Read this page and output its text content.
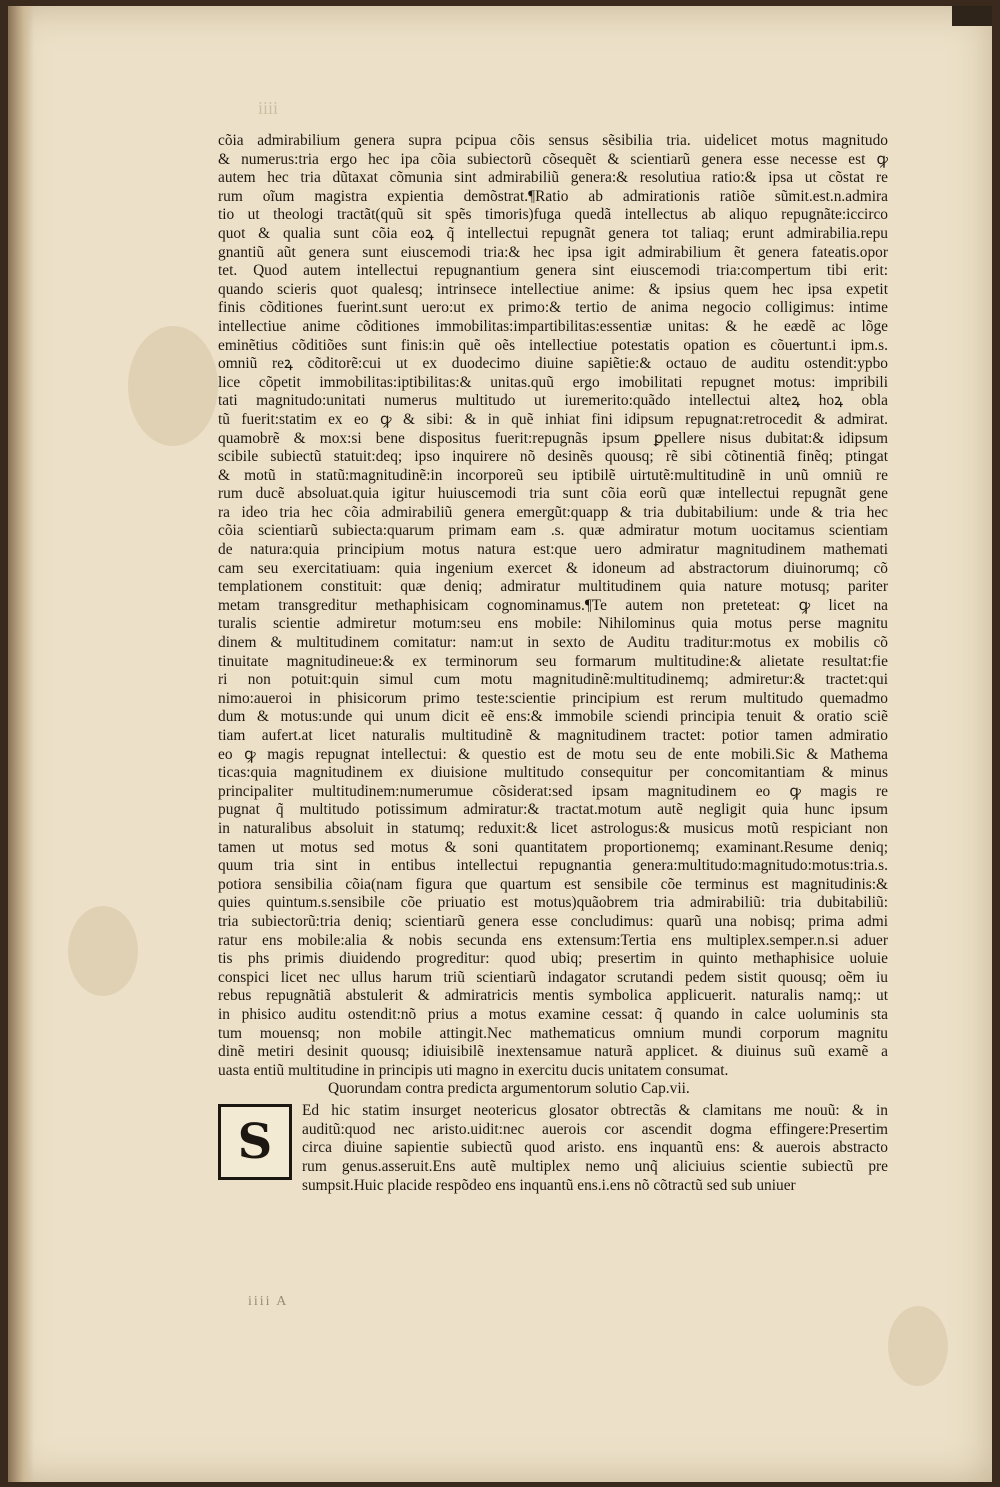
iiii
cõia admirabilium genera supra pcipua cõis sensus sẽsibilia tria. uidelicet motus magnitudo
& numerus:tria ergo hec ipa cõia subiectorũ cõsequẽt & scientiarũ genera esse necesse est ꝙ
autem hec tria dũtaxat cõmunia sint admirabiliũ genera:& resolutiua ratio:& ipsa ut cõstat re
rum oĩum magistra expientia demõstrat.¶Ratio ab admirationis ratiõe sũmit.est.n.admira
tio ut theologi tractãt(quũ sit spẽs timoris)fuga quedã intellectus ab aliquo repugnãte:iccirco
quot & qualia sunt cõia eoꝝ q̃ intellectui repugnãt genera tot taliaq; erunt admirabilia.repu
gnantiũ aũt genera sunt eiuscemodi tria:& hec ipsa igit admirabilium ẽt genera fateatis.opor
tet. Quod autem intellectui repugnantium genera sint eiuscemodi tria:compertum tibi erit:
quando scieris quot qualesq; intrinsece intellectiue anime: & ipsius quem hec ipsa expetit
finis cõditiones fuerint.sunt uero:ut ex primo:& tertio de anima negocio colligimus: intime
intellectiue anime cõditiones immobilitas:impartibilitas:essentiæ unitas: & he eædẽ ac lõge
eminẽtius cõditiões sunt finis:in quẽ oẽs intellectiue potestatis opation es cõuertunt.i ipm.s.
omniũ reꝝ cõditorẽ:cui ut ex duodecimo diuine sapiẽtie:& octauo de auditu ostendit:ypbo
lice cõpetit immobilitas:iptibilitas:& unitas.quũ ergo imobilitati repugnet motus: impribili
tati magnitudo:unitati numerus multitudo ut iuremerito:quãdo intellectui alteꝝ hoꝝ obla
tũ fuerit:statim ex eo ꝙ & sibi: & in quẽ inhiat fini idipsum repugnat:retrocedit & admirat.
quamobrẽ & mox:si bene dispositus fuerit:repugnãs ipsum ꝑpellere nisus dubitat:& idipsum
scibile subiectũ statuit:deq; ipso inquirere nõ desinẽs quousq; rẽ sibi cõtinentiã finẽq; ptingat
& motũ in statũ:magnitudinẽ:in incorporeũ seu iptibilẽ uirtutẽ:multitudinẽ in unũ omniũ re
rum ducẽ absoluat.quia igitur huiuscemodi tria sunt cõia eorũ quæ intellectui repugnãt gene
ra ideo tria hec cõia admirabiliũ genera emergũt:quapp & tria dubitabilium: unde & tria hec
cõia scientiarũ subiecta:quarum primam eam .s. quæ admiratur motum uocitamus scientiam
de natura:quia principium motus natura est:que uero admiratur magnitudinem mathemati
cam seu exercitatiuam: quia ingenium exercet & idoneum ad abstractorum diuinorumq; cõ
templationem constituit: quæ deniq; admiratur multitudinem quia nature motusq; pariter
metam transgreditur methaphisicam cognominamus.¶Te autem non preteteat: ꝙ licet na
turalis scientie admiretur motum:seu ens mobile: Nihilominus quia motus perse magnitu
dinem & multitudinem comitatur: nam:ut in sexto de Auditu traditur:motus ex mobilis cõ
tinuitate magnitudineue:& ex terminorum seu formarum multitudine:& alietate resultat:fie
ri non potuit:quin simul cum motu magnitudinẽ:multitudinemq; admiretur:& tractet:qui
nimo:aueroi in phisicorum primo teste:scientie principium est rerum multitudo quemadmo
dum & motus:unde qui unum dicit eẽ ens:& immobile sciendi principia tenuit & oratio sciẽ
tiam aufert.at licet naturalis multitudinẽ & magnitudinem tractet: potior tamen admiratio
eo ꝙ magis repugnat intellectui: & questio est de motu seu de ente mobili.Sic & Mathema
ticas:quia magnitudinem ex diuisione multitudo consequitur per concomitantiam & minus
principaliter multitudinem:numerumue cõsiderat:sed ipsam magnitudinem eo ꝙ magis re
pugnat q̃ multitudo potissimum admiratur:& tractat.motum autẽ negligit quia hunc ipsum
in naturalibus absoluit in statumq; reduxit:& licet astrologus:& musicus motũ respiciant non
tamen ut motus sed motus & soni quantitatem proportionemq; examinant.Resume deniq;
quum tria sint in entibus intellectui repugnantia genera:multitudo:magnitudo:motus:tria.s.
potiora sensibilia cõia(nam figura que quartum est sensibile cõe terminus est magnitudinis:&
quies quintum.s.sensibile cõe priuatio est motus)quãobrem tria admirabiliũ: tria dubitabiliũ:
tria subiectorũ:tria deniq; scientiarũ genera esse concludimus: quarũ una nobisq; prima admi
ratur ens mobile:alia & nobis secunda ens extensum:Tertia ens multiplex.semper.n.si aduer
tis phs primis diuidendo progreditur: quod ubiq; presertim in quinto methaphisice uoluie
conspici licet nec ullus harum triũ scientiarũ indagator scrutandi pedem sistit quousq; oẽm iu
rebus repugnãtiã abstulerit & admiratricis mentis symbolica applicuerit. naturalis namq;: ut
in phisico auditu ostendit:nõ prius a motus examine cessat: q̃ quando in calce uoluminis sta
tum mouensq; non mobile attingit.Nec mathematicus omnium mundi corporum magnitu
dinẽ metiri desinit quousq; idiuisibilẽ inextensamue naturã applicet. & diuinus suũ examẽ a
uasta entiũ multitudine in principis uti magno in exercitu ducis unitatem consumat.
Quorundam contra predicta argumentorum solutio Cap.vii.
S
Ed hic statim insurget neotericus glosator obtrectãs & clamitans me nouũ: & in
auditũ:quod nec aristo.uidit:nec auerois cor ascendit dogma effingere:Presertim
circa diuine sapientie subiectũ quod aristo. ens inquantũ ens: & auerois abstracto
rum genus.asseruit.Ens autẽ multiplex nemo unq̃ aliciuius scientie subiectũ pre
sumpsit.Huic placide respõdeo ens inquantũ ens.i.ens nõ cõtractũ sed sub uniuer
iiii A
